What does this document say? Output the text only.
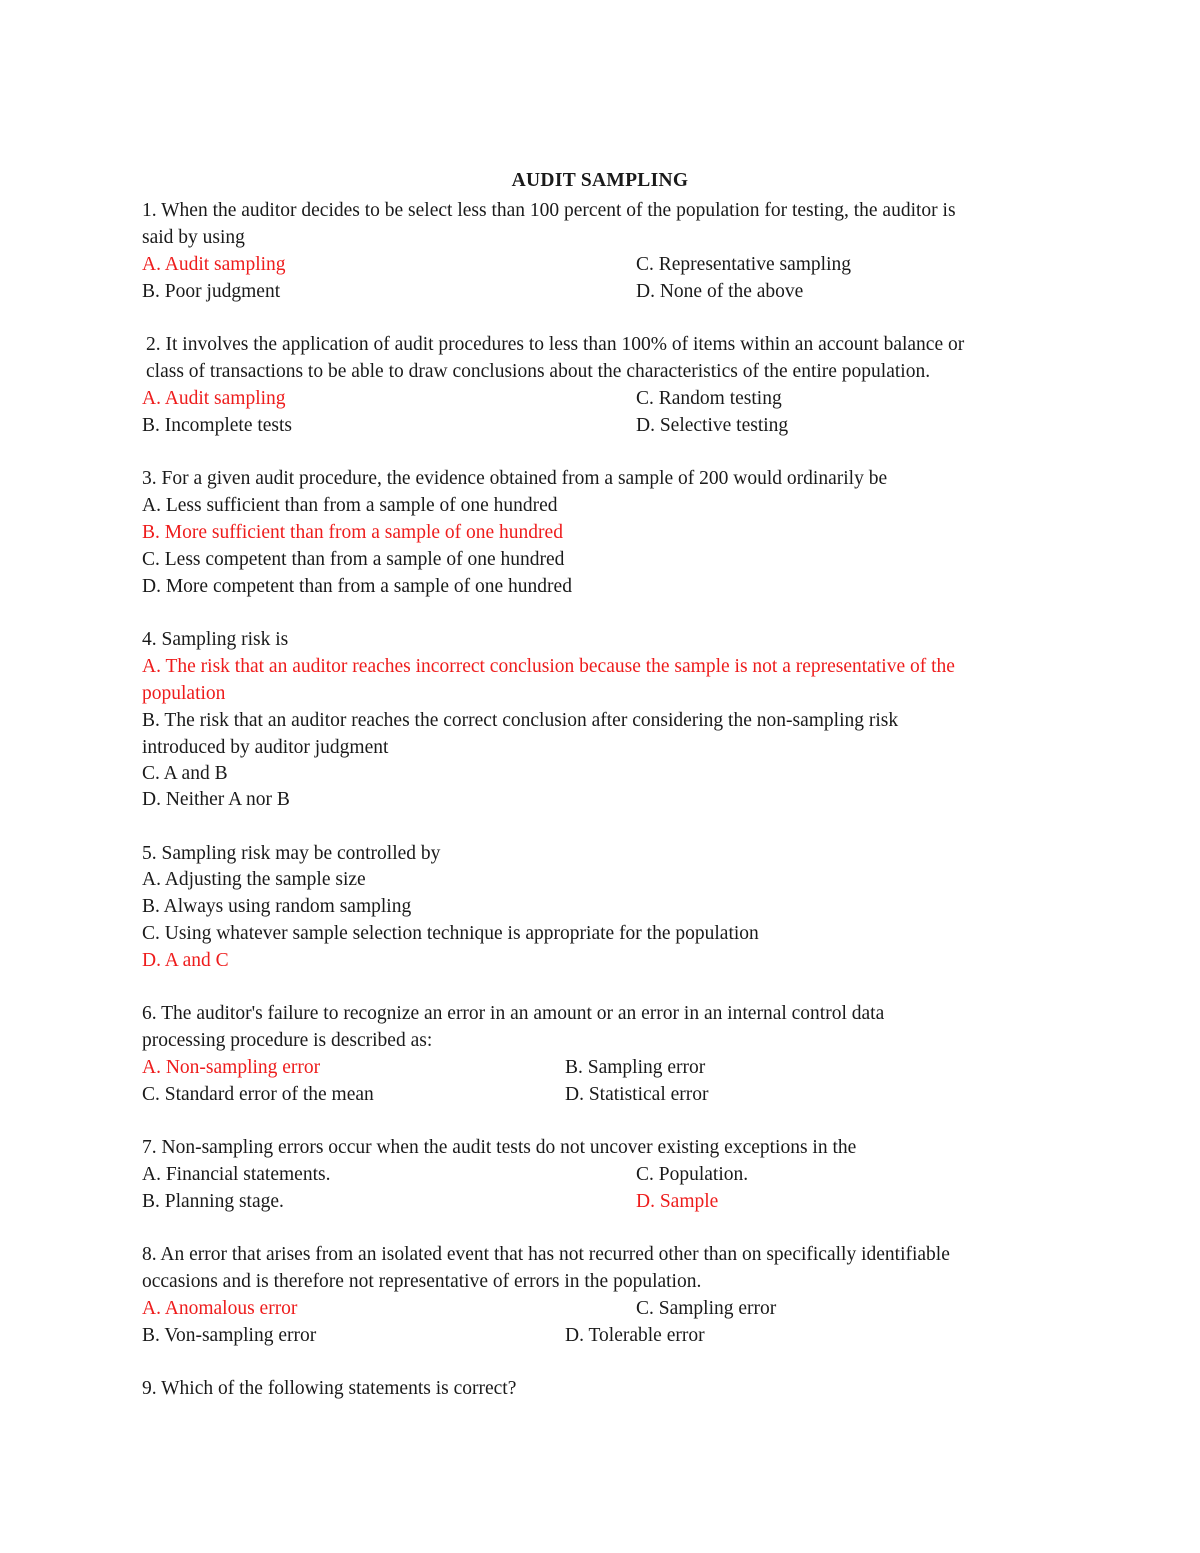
AUDIT SAMPLING
1. When the auditor decides to be select less than 100 percent of the population for testing, the auditor is
said by using
A. Audit sampling	C. Representative sampling
B. Poor judgment	D. None of the above
2. It involves the application of audit procedures to less than 100% of items within an account balance or
class of transactions to be able to draw conclusions about the characteristics of the entire population.
A. Audit sampling	C. Random testing
B. Incomplete tests	D. Selective testing
3. For a given audit procedure, the evidence obtained from a sample of 200 would ordinarily be
A. Less sufficient than from a sample of one hundred
B. More sufficient than from a sample of one hundred
C. Less competent than from a sample of one hundred
D. More competent than from a sample of one hundred
4. Sampling risk is
A. The risk that an auditor reaches incorrect conclusion because the sample is not a representative of the
population
B. The risk that an auditor reaches the correct conclusion after considering the non-sampling risk
introduced by auditor judgment
C. A and B
D. Neither A nor B
5. Sampling risk may be controlled by
A. Adjusting the sample size
B. Always using random sampling
C. Using whatever sample selection technique is appropriate for the population
D. A and C
6. The auditor's failure to recognize an error in an amount or an error in an internal control data
processing procedure is described as:
A. Non-sampling error	B. Sampling error
C. Standard error of the mean	D. Statistical error
7. Non-sampling errors occur when the audit tests do not uncover existing exceptions in the
A. Financial statements.	C. Population.
B. Planning stage.	D. Sample
8. An error that arises from an isolated event that has not recurred other than on specifically identifiable
occasions and is therefore not representative of errors in the population.
A. Anomalous error	C. Sampling error
B. Von-sampling error	D. Tolerable error
9. Which of the following statements is correct?
